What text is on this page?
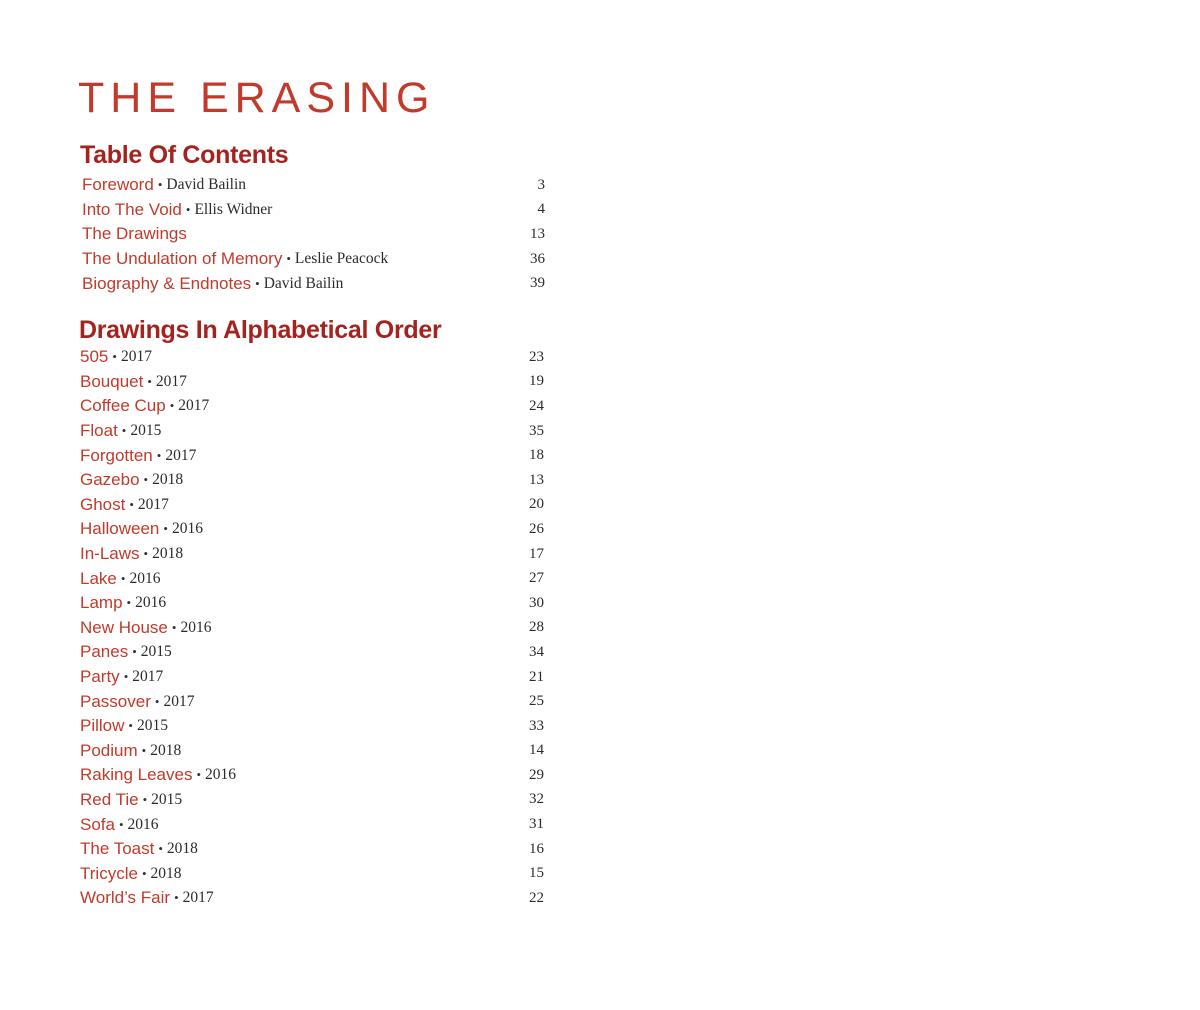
THE ERASING
Table Of Contents
Foreword • David Bailin	3
Into The Void • Ellis Widner	4
The Drawings	13
The Undulation of Memory • Leslie Peacock	36
Biography & Endnotes • David Bailin	39
Drawings In Alphabetical Order
505 • 2017	23
Bouquet • 2017	19
Coffee Cup • 2017	24
Float • 2015	35
Forgotten • 2017	18
Gazebo • 2018	13
Ghost • 2017	20
Halloween • 2016	26
In-Laws • 2018	17
Lake • 2016	27
Lamp • 2016	30
New House • 2016	28
Panes • 2015	34
Party • 2017	21
Passover • 2017	25
Pillow • 2015	33
Podium • 2018	14
Raking Leaves • 2016	29
Red Tie • 2015	32
Sofa • 2016	31
The Toast • 2018	16
Tricycle • 2018	15
World’s Fair • 2017	22
